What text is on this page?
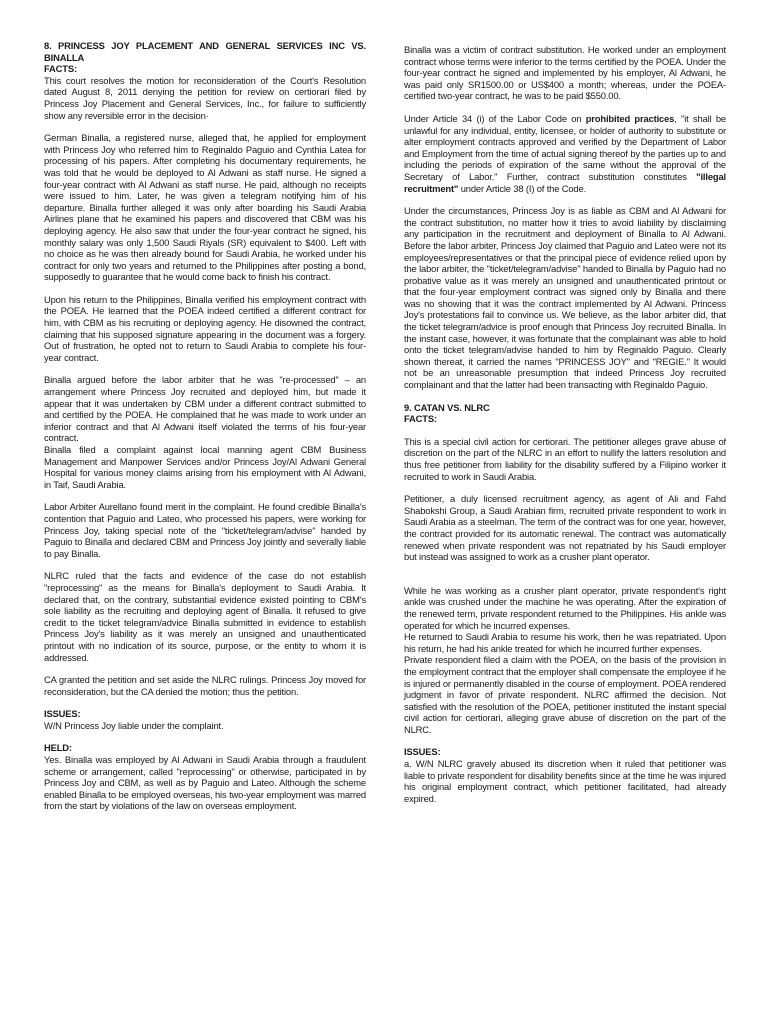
8. PRINCESS JOY PLACEMENT AND GENERAL SERVICES INC VS. BINALLA
FACTS:

This court resolves the motion for reconsideration of the Court's Resolution dated August 8, 2011 denying the petition for review on certiorari filed by Princess Joy Placement and General Services, Inc., for failure to sufficiently show any reversible error in the decision·

German Binalla, a registered nurse, alleged that, he applied for employment with Princess Joy who referred him to Reginaldo Paguio and Cynthia Latea for processing of his papers. After completing his documentary requirements, he was told that he would be deployed to Al Adwani as staff nurse. He signed a four-year contract with Al Adwani as staff nurse. He paid, although no receipts were issued to him. Later, he was given a telegram notifying him of his departure. Binalla further alleged it was only after boarding his Saudi Arabia Airlines plane that he examined his papers and discovered that CBM was his deploying agency. He also saw that under the four-year contract he signed, his monthly salary was only 1,500 Saudi Riyals (SR) equivalent to $400. Left with no choice as he was then already bound for Saudi Arabia, he worked under his contract for only two years and returned to the Philippines after posting a bond, supposedly to guarantee that he would come back to finish his contract.

Upon his return to the Philippines, Binalla verified his employment contract with the POEA. He learned that the POEA indeed certified a different contract for him, with CBM as his recruiting or deploying agency. He disowned the contract, claiming that his supposed signature appearing in the document was a forgery. Out of frustration, he opted not to return to Saudi Arabia to complete his four-year contract.

Binalla argued before the labor arbiter that he was "re-processed" – an arrangement where Princess Joy recruited and deployed him, but made it appear that it was undertaken by CBM under a different contract submitted to and certified by the POEA. He complained that he was made to work under an inferior contract and that Al Adwani itself violated the terms of his four-year contract.

Binalla filed a complaint against local manning agent CBM Business Management and Manpower Services and/or Princess Joy/Al Adwani General Hospital for various money claims arising from his employment with Al Adwani, in Taif, Saudi Arabia.

Labor Arbiter Aurellano found merit in the complaint. He found credible Binalla's contention that Paguio and Lateo, who processed his papers, were working for Princess Joy, taking special note of the "ticket/telegram/advise" handed by Paguio to Binalla and declared CBM and Princess Joy jointly and severally liable to pay Binalla.

NLRC ruled that the facts and evidence of the case do not establish "reprocessing" as the means for Binalla's deployment to Saudi Arabia. It declared that, on the contrary, substantial evidence existed pointing to CBM's sole liability as the recruiting and deploying agent of Binalla. It refused to give credit to the ticket telegram/advice Binalla submitted in evidence to establish Princess Joy's liability as it was merely an unsigned and unauthenticated printout with no indication of its source, purpose, or the entity to whom it is addressed.

CA granted the petition and set aside the NLRC rulings. Princess Joy moved for reconsideration, but the CA denied the motion; thus the petition.

ISSUES:

W/N Princess Joy liable under the complaint.

HELD:

Yes. Binalla was employed by Al Adwani in Saudi Arabia through a fraudulent scheme or arrangement, called "reprocessing" or otherwise, participated in by Princess Joy and CBM, as well as by Paguio and Lateo. Although the scheme enabled Binalla to be employed overseas, his two-year employment was marred from the start by violations of the law on overseas employment.

Binalla was a victim of contract substitution. He worked under an employment contract whose terms were inferior to the terms certified by the POEA. Under the four-year contract he signed and implemented by his employer, Al Adwani, he was paid only SR1500.00 or US$400 a month; whereas, under the POEA-certified two-year contract, he was to be paid $550.00.

Under Article 34 (i) of the Labor Code on prohibited practices, "it shall be unlawful for any individual, entity, licensee, or holder of authority to substitute or alter employment contracts approved and verified by the Department of Labor and Employment from the time of actual signing thereof by the parties up to and including the periods of expiration of the same without the approval of the Secretary of Labor." Further, contract substitution constitutes "illegal recruitment" under Article 38 (I) of the Code.

Under the circumstances, Princess Joy is as liable as CBM and Al Adwani for the contract substitution, no matter how it tries to avoid liability by disclaiming any participation in the recruitment and deployment of Binalla to Al Adwani. Before the labor arbiter, Princess Joy claimed that Paguio and Lateo were not its employees/representatives or that the principal piece of evidence relied upon by the labor arbiter, the "ticket/telegram/advise" handed to Binalla by Paguio had no probative value as it was merely an unsigned and unauthenticated printout or that the four-year employment contract was signed only by Binalla and there was no showing that it was the contract implemented by Al Adwani. Princess Joy's protestations fail to convince us. We believe, as the labor arbiter did, that the ticket telegram/advice is proof enough that Princess Joy recruited Binalla. In the instant case, however, it was fortunate that the complainant was able to hold onto the ticket telegram/advise handed to him by Reginaldo Paguio. Clearly shown thereat, it carried the names "PRINCESS JOY" and "REGIE." It would not be an unreasonable presumption that indeed Princess Joy recruited complainant and that the latter had been transacting with Reginaldo Paguio.

9. CATAN VS. NLRC
FACTS:

This is a special civil action for certiorari. The petitioner alleges grave abuse of discretion on the part of the NLRC in an effort to nullify the latters resolution and thus free petitioner from liability for the disability suffered by a Filipino worker it recruited to work in Saudi Arabia.

Petitioner, a duly licensed recruitment agency, as agent of Ali and Fahd Shabokshi Group, a Saudi Arabian firm, recruited private respondent to work in Saudi Arabia as a steelman. The term of the contract was for one year, however, the contract provided for its automatic renewal. The contract was automatically renewed when private respondent was not repatriated by his Saudi employer but instead was assigned to work as a crusher plant operator.

While he was working as a crusher plant operator, private respondent's right ankle was crushed under the machine he was operating. After the expiration of the renewed term, private respondent returned to the Philippines. His ankle was operated for which he incurred expenses.

He returned to Saudi Arabia to resume his work, then he was repatriated. Upon his return, he had his ankle treated for which he incurred further expenses.

Private respondent filed a claim with the POEA, on the basis of the provision in the employment contract that the employer shall compensate the employee if he is injured or permanently disabled in the course of employment. POEA rendered judgment in favor of private respondent. NLRC affirmed the decision. Not satisfied with the resolution of the POEA, petitioner instituted the instant special civil action for certiorari, alleging grave abuse of discretion on the part of the NLRC.

ISSUES:

a. W/N NLRC gravely abused its discretion when it ruled that petitioner was liable to private respondent for disability benefits since at the time he was injured his original employment contract, which petitioner facilitated, had already expired.
